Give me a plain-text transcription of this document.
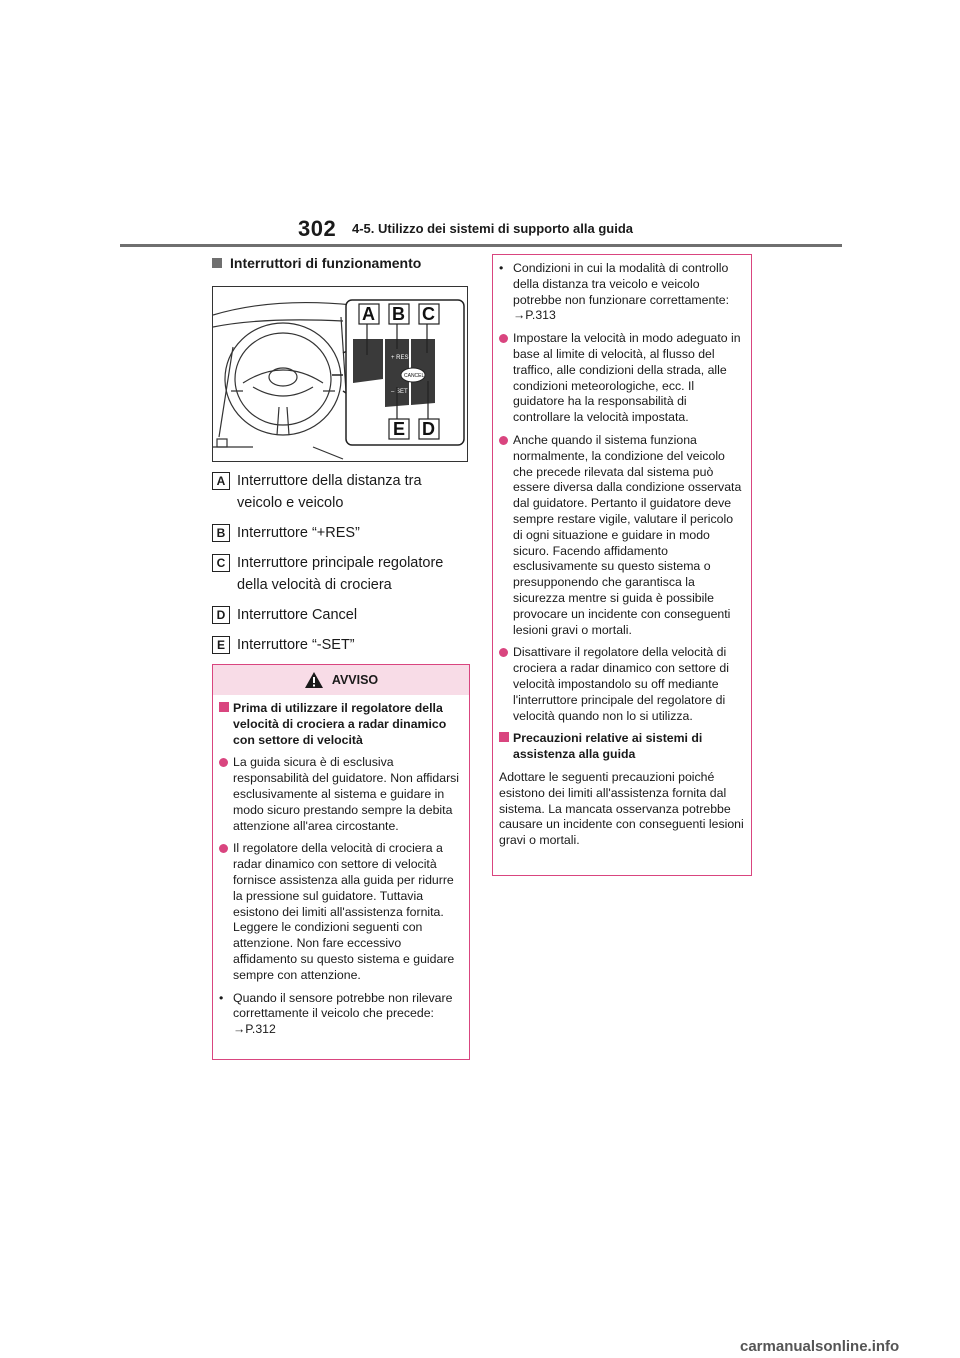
302 4-5. Utilizzo dei sistemi di supporto alla guida
Interruttori di funzionamento
+ RES
– SET
CANCEL
A B C
E D
A Interruttore della distanza tra veicolo e veicolo
B Interruttore “+RES”
C Interruttore principale regolatore della velocità di crociera
D Interruttore Cancel
E Interruttore “-SET”
AVVISO
Prima di utilizzare il regolatore della velocità di crociera a radar dinamico con settore di velocità
La guida sicura è di esclusiva responsabilità del guidatore. Non affidarsi esclusivamente al sistema e guidare in modo sicuro prestando sempre la debita attenzione all'area circostante.
Il regolatore della velocità di crociera a radar dinamico con settore di velocità fornisce assistenza alla guida per ridurre la pressione sul guidatore. Tuttavia esistono dei limiti all'assistenza fornita.
Leggere le condizioni seguenti con attenzione. Non fare eccessivo affidamento su questo sistema e guidare sempre con attenzione.
• Quando il sensore potrebbe non rilevare correttamente il veicolo che precede:
→P.312
• Condizioni in cui la modalità di controllo della distanza tra veicolo e veicolo potrebbe non funzionare correttamente:
→P.313
Impostare la velocità in modo adeguato in base al limite di velocità, al flusso del traffico, alle condizioni della strada, alle condizioni meteorologiche, ecc. Il guidatore ha la responsabilità di controllare la velocità impostata.
Anche quando il sistema funziona normalmente, la condizione del veicolo che precede rilevata dal sistema può essere diversa dalla condizione osservata dal guidatore. Pertanto il guidatore deve sempre restare vigile, valutare il pericolo di ogni situazione e guidare in modo sicuro. Facendo affidamento esclusivamente su questo sistema o presupponendo che garantisca la sicurezza mentre si guida è possibile provocare un incidente con conseguenti lesioni gravi o mortali.
Disattivare il regolatore della velocità di crociera a radar dinamico con settore di velocità impostandolo su off mediante l'interruttore principale del regolatore di velocità quando non lo si utilizza.
Precauzioni relative ai sistemi di assistenza alla guida
Adottare le seguenti precauzioni poiché esistono dei limiti all'assistenza fornita dal sistema. La mancata osservanza potrebbe causare un incidente con conseguenti lesioni gravi o mortali.
carmanualsonline.info
